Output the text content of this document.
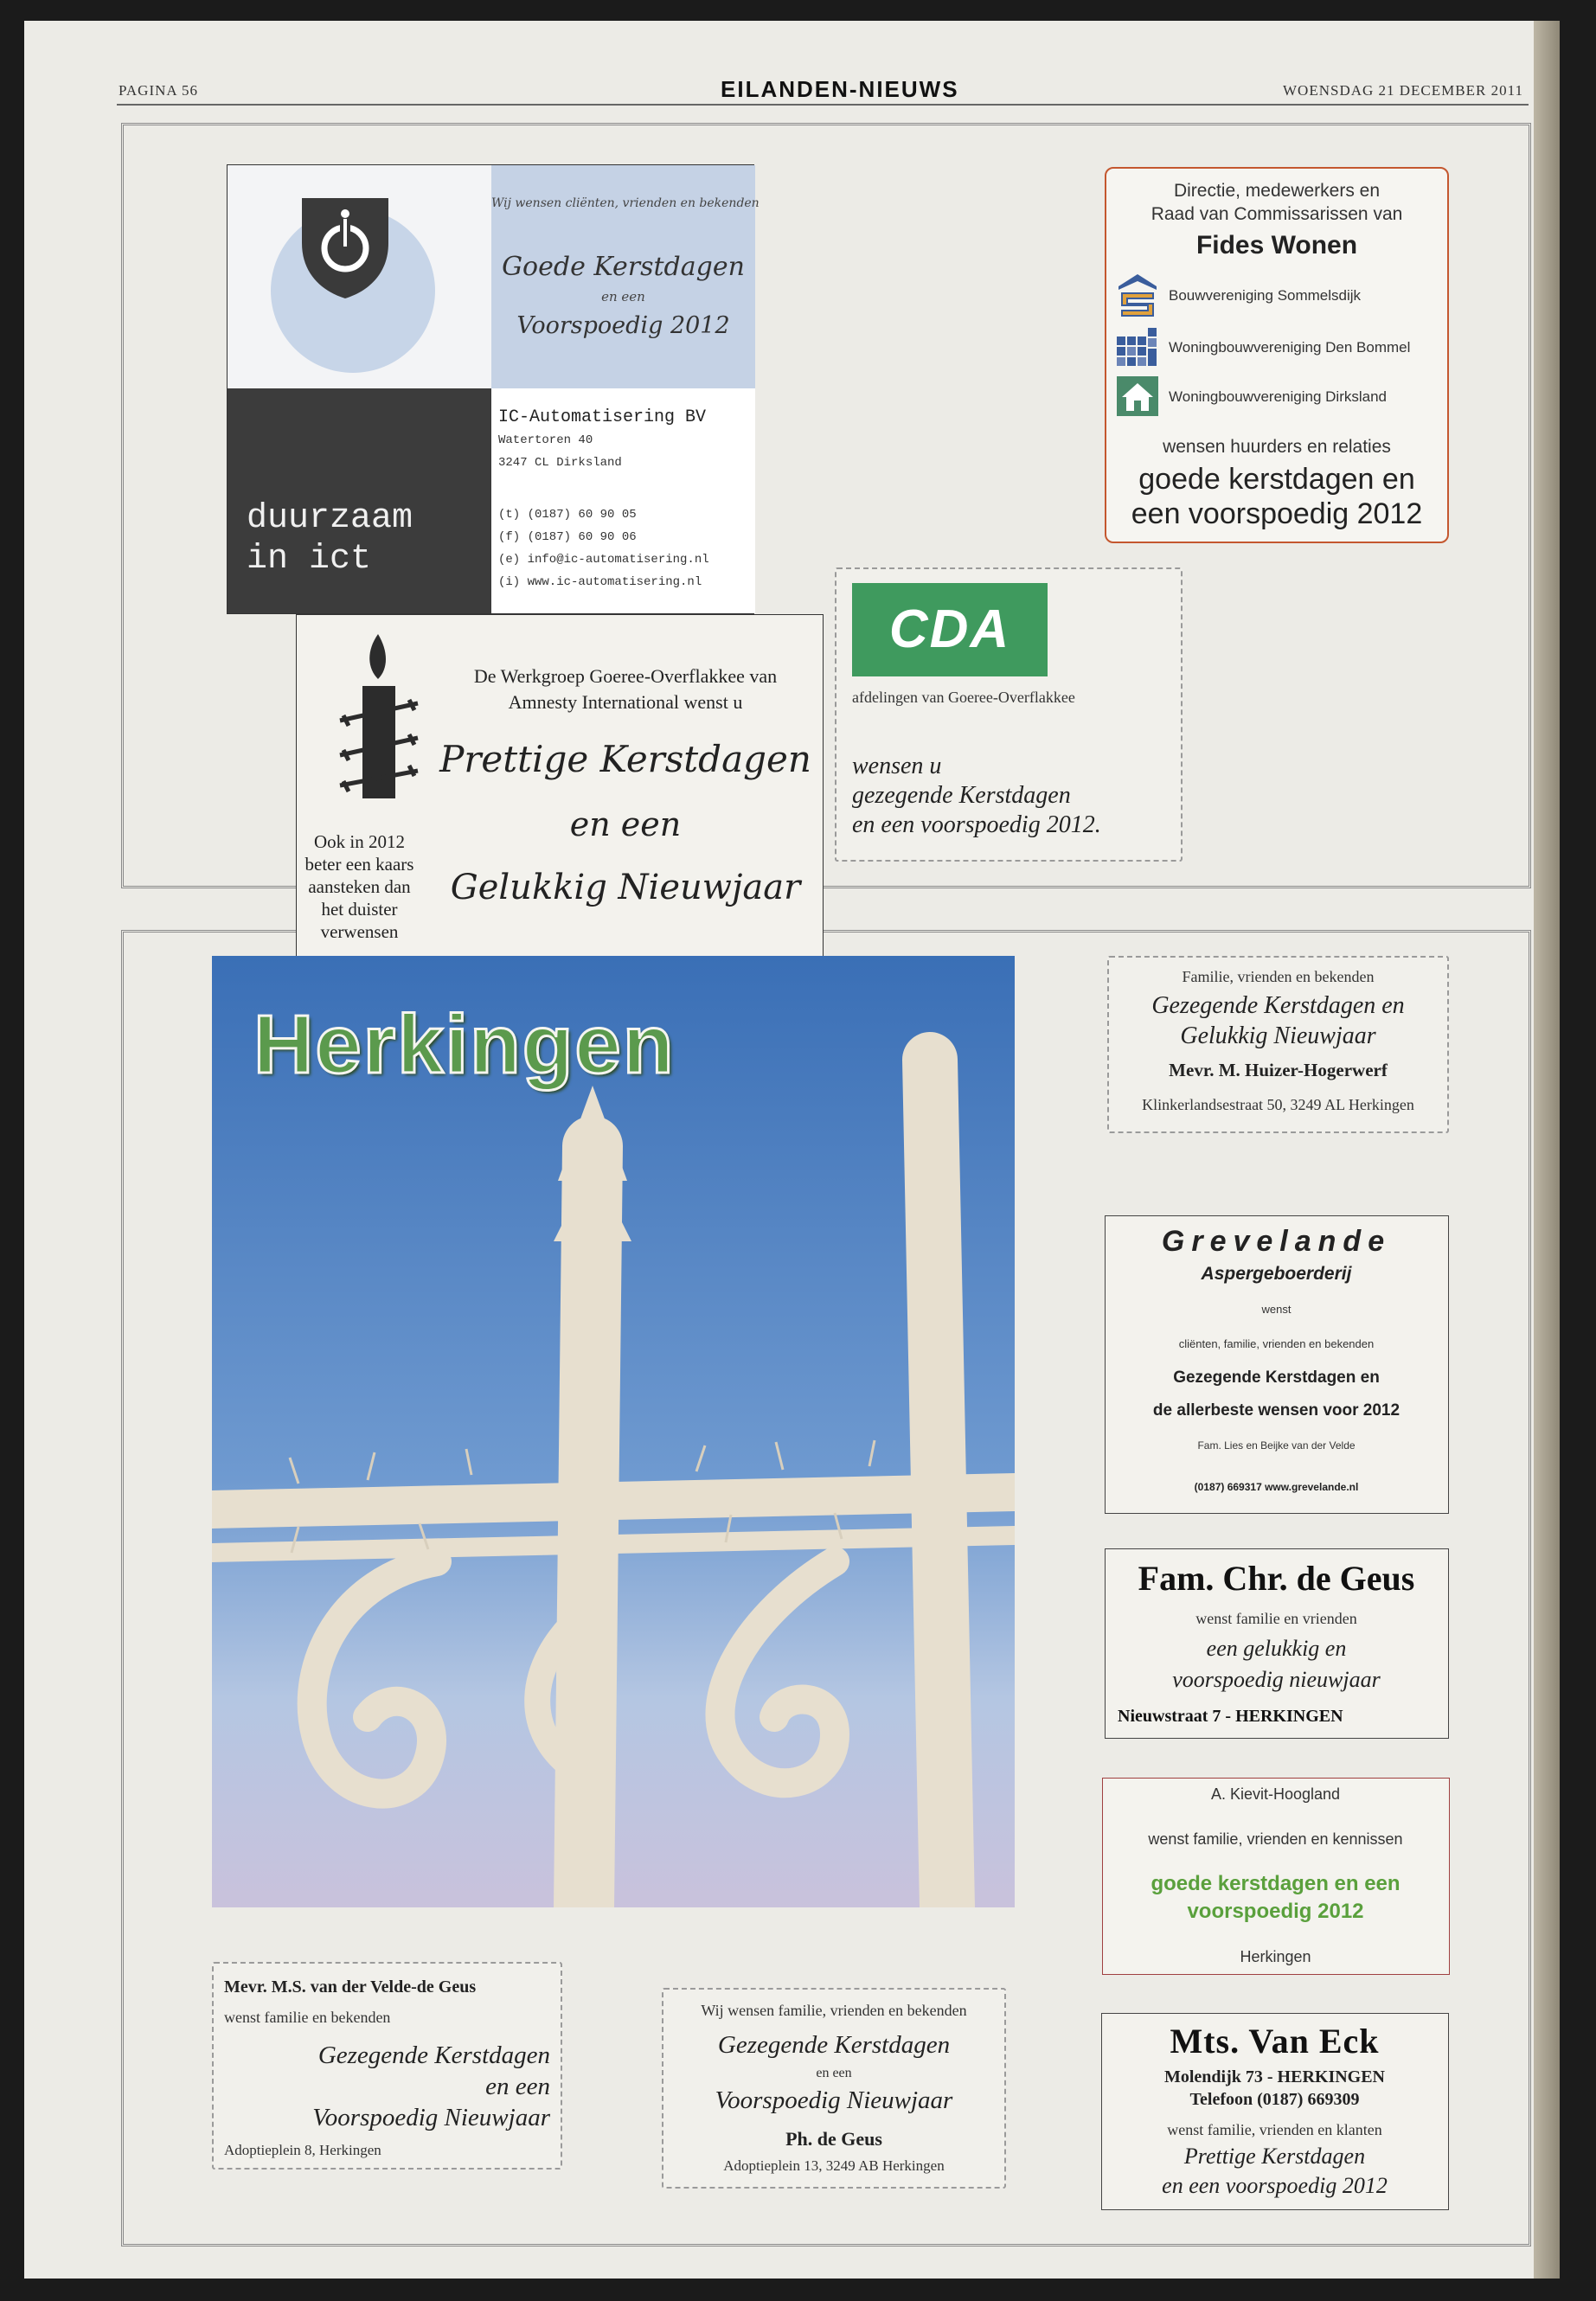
PAGINA 56	EILANDEN-NIEUWS	WOENSDAG 21 DECEMBER 2011
Wij wensen cliënten, vrienden en bekenden
Goede Kerstdagen
en een
Voorspoedig 2012
duurzaam
in ict
IC-Automatisering BV
Watertoren 40
3247 CL Dirksland
(t) (0187) 60 90 05
(f) (0187) 60 90 06
(e) info@ic-automatisering.nl
(i) www.ic-automatisering.nl
Directie, medewerkers en
Raad van Commissarissen van
Fides Wonen
Bouwvereniging Sommelsdijk
Woningbouwvereniging Den Bommel
Woningbouwvereniging Dirksland
wensen huurders en relaties
goede kerstdagen en
een voorspoedig 2012
CDA
afdelingen van Goeree-Overflakkee
wensen u
gezegende Kerstdagen
en een voorspoedig 2012.
De Werkgroep Goeree-Overflakkee van
Amnesty International wenst u
Prettige Kerstdagen
en een
Gelukkig Nieuwjaar
Ook in 2012
beter een kaars
aansteken dan
het duister
verwensen
Herkingen
Familie, vrienden en bekenden
Gezegende Kerstdagen en
Gelukkig Nieuwjaar
Mevr. M. Huizer-Hogerwerf
Klinkerlandsestraat 50, 3249 AL Herkingen
Grevelande
Aspergeboerderij
wenst
cliënten, familie, vrienden en bekenden
Gezegende Kerstdagen en
de allerbeste wensen voor 2012
Fam. Lies en Beijke van der Velde
(0187) 669317 www.grevelande.nl
Fam. Chr. de Geus
wenst familie en vrienden
een gelukkig en
voorspoedig nieuwjaar
Nieuwstraat 7 - HERKINGEN
A. Kievit-Hoogland
wenst familie, vrienden en kennissen
goede kerstdagen en een
voorspoedig 2012
Herkingen
Mevr. M.S. van der Velde-de Geus
wenst familie en bekenden
Gezegende Kerstdagen
en een
Voorspoedig Nieuwjaar
Adoptieplein 8, Herkingen
Wij wensen familie, vrienden en bekenden
Gezegende Kerstdagen
en een
Voorspoedig Nieuwjaar
Ph. de Geus
Adoptieplein 13, 3249 AB Herkingen
Mts. Van Eck
Molendijk 73 - HERKINGEN
Telefoon (0187) 669309
wenst familie, vrienden en klanten
Prettige Kerstdagen
en een voorspoedig 2012
